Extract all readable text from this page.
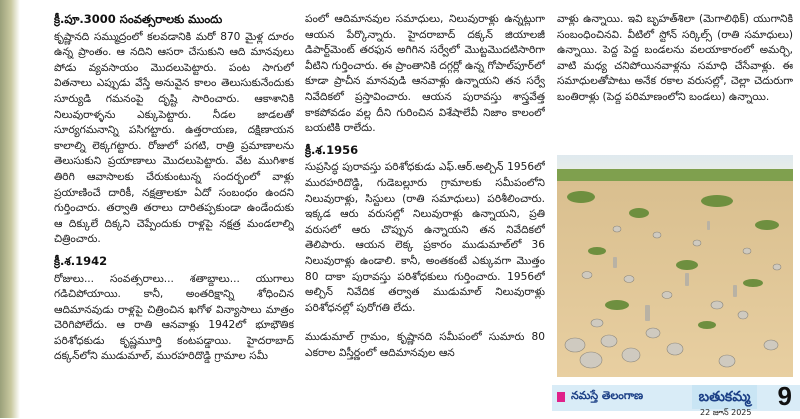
క్రీ.పూ.3000 సంవత్సరాలకు ముందు

కృష్ణానది సమ్ముద్రంలో కలవడానికి మరో 870 మైళ్ల దూరం ఉన్న ప్రాంతం. ఆ నదిని ఆసరా చేసుకుని ఆది మానవులు పోడు వ్యవసాయం మొదలుపెట్టారు. పంట సాగులో వితనాలు ఎప్పుడు వేస్తే అనువైన కాలం తెలుసుకునేందుకు సూర్యుడి గమనంపై దృష్టి సారించారు. ఆకాశానికి నిలువురాళ్ళను ఎక్కుపెట్టారు. నీడల జాడలతో సూర్యగమనాన్ని పసిగట్టారు. ఉత్తరాయణ, దక్షిణాయన కాలాల్ని లెక్కగట్టారు. రోజులో పగటి, రాత్రి ప్రమాణాలను తెలుసుకుని ప్రయాణాలు మొదలుపెట్టారు. వేట ముగిశాక తిరిగి ఆవాసాలకు చేరుకుంటున్న సందర్భంలో వాళ్లు ప్రయాణించే దారికీ, నక్షత్రాలకూ ఏదో సంబంధం ఉందని గుర్తించారు. తర్వాతి తరాలు దారితప్పకుండా ఉండేందుకు ఆ దిక్కులే దిక్కని చెప్పేందుకు రాళ్లపై నక్షత్ర మండలాల్ని చిత్రించారు.

క్రీ.శ.1942

రోజులు... సంవత్సరాలు... శతాబ్దాలు... యుగాలు గడిచిపోయాయి. కానీ, అంతరిక్షాన్ని శోధించిన ఆదిమానవుడు రాళ్లపై చిత్రించిన ఖగోళ విన్యాసాలు మాత్రం చెరిగిపోలేదు. ఆ రాతి ఆనవాళ్లు 1942లో భూభౌతిక పరిశోధకుడు కృష్ణమూర్తి కంటపడ్డాయి. హైదరాబాద్ దక్కన్‌లోని ముడుమాల్, మురహరిదొడ్డి గ్రామాల సమీ

పంలో ఆదిమానవుల సమాధులు, నిలువురాళ్లు ఉన్నట్లుగా ఆయన పేర్కొన్నారు. హైదరాబాద్ దక్కన్ జియాలజీ డిపార్ట్‌మెంట్ తరఫున అగిగిన సర్వేలో మొట్టమొదటిసారిగా వీటిని గుర్తించారు. ఈ ప్రాంతానికి దగ్గర్లో ఉన్న గోపాల్‌పూర్‌లో కూడా ప్రాచీన మానవుడి ఆనవాళ్లు ఉన్నాయని తన సర్వే నివేదికలో ప్రస్తావించారు. ఆయన పురావస్తు శాస్త్రవేత్త కాకపోవడం వల్ల దీని గురించిన విశేషాలేవీ నిజాం కాలంలో బయటికి రాలేదు.

క్రీ.శ.1956

సుప్రసిద్ధ పురావస్తు పరిశోధకుడు ఎఫ్.ఆర్.అల్చిన్ 1956లో మురహరిదొడ్డి, గుడెబల్లూరు గ్రామాలకు సమీపంలోని నిలువురాళ్లు, సిస్టులు (రాతి సమాధులు) పరిశీలించారు. ఇక్కడ ఆరు వరుసల్లో నిలువురాళ్లు ఉన్నాయని, ప్రతి వరుసలో ఆరు చొప్పున ఉన్నాయని తన నివేదికలో తెలిపారు. ఆయన లెక్క ప్రకారం ముడుమాల్‌లో 36 నిలువురాళ్లు ఉండాలి. కానీ, అంతకంటే ఎక్కువగా మొత్తం 80 దాకా పురావస్తు పరిశోధకులు గుర్తించారు. 1956లో అల్చిన్ నివేదిక తర్వాత ముడుమాల్ నిలువురాళ్లు పరిశోధనల్లో పురోగతి లేదు.

ముడుమాల్ గ్రామం, కృష్ణానది సమీపంలో సుమారు 80 ఎకరాల విస్తీర్ణంలో ఆదిమానవుల ఆన

వాళ్లు ఉన్నాయి. ఇవి బృహత్‌శిలా (మెగాలిథిక్) యుగానికి సంబంధించినవి. వీటిలో స్టోన్ సర్కిల్స్ (రాతి సమాధులు) ఉన్నాయి. పెద్ద పెద్ద బండలను వలయాకారంలో అమర్చి, వాటి మధ్య చనిపోయినవాళ్లను సమాధి చేసేవాళ్లు. ఈ సమాధులతోపాటు అనేక రకాల వరుసల్లో, చెల్లా చెదురుగా బంతిరాళ్లు (పెద్ద పరిమాణంలోని బండలు) ఉన్నాయి.

నమస్తే తెలంగాణ	బతుకమ్మ
22 జూన్ 2025
9
